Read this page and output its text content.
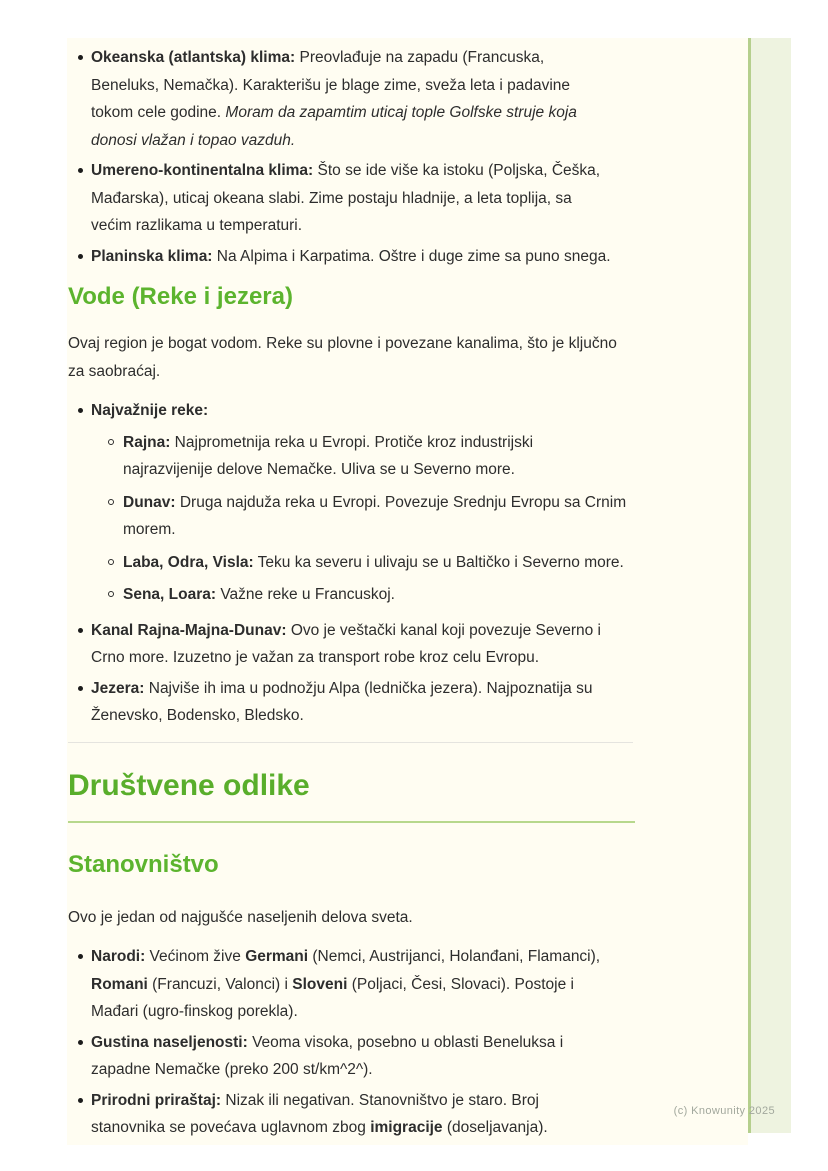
Okeanska (atlantska) klima: Preovlađuje na zapadu (Francuska,
Beneluks, Nemačka). Karakterišu je blage zime, sveža leta i padavine
tokom cele godine. Moram da zapamtim uticaj tople Golfske struje koja
donosi vlažan i topao vazduh.
Umereno-kontinentalna klima: Što se ide više ka istoku (Poljska, Češka,
Mađarska), uticaj okeana slabi. Zime postaju hladnije, a leta toplija, sa
većim razlikama u temperaturi.
Planinska klima: Na Alpima i Karpatima. Oštre i duge zime sa puno snega.
Vode (Reke i jezera)

Ovaj region je bogat vodom. Reke su plovne i povezane kanalima, što je ključno
za saobraćaj.

Najvažnije reke:
Rajna: Najprometnija reka u Evropi. Protiče kroz industrijski
najrazvijenije delove Nemačke. Uliva se u Severno more.
Dunav: Druga najduža reka u Evropi. Povezuje Srednju Evropu sa Crnim
morem.
Laba, Odra, Visla: Teku ka severu i ulivaju se u Baltičko i Severno more.
Sena, Loara: Važne reke u Francuskoj.
Kanal Rajna-Majna-Dunav: Ovo je veštački kanal koji povezuje Severno i
Crno more. Izuzetno je važan za transport robe kroz celu Evropu.
Jezera: Najviše ih ima u podnožju Alpa (lednička jezera). Najpoznatija su
Ženevsko, Bodensko, Bledsko.
Društvene odlike
Stanovništvo

Ovo je jedan od najgušće naseljenih delova sveta.

Narodi: Većinom žive Germani (Nemci, Austrijanci, Holanđani, Flamanci),
Romani (Francuzi, Valonci) i Sloveni (Poljaci, Česi, Slovaci). Postoje i
Mađari (ugro-finskog porekla).
Gustina naseljenosti: Veoma visoka, posebno u oblasti Beneluksa i
zapadne Nemačke (preko 200 st/km^2^).
Prirodni priraštaj: Nizak ili negativan. Stanovništvo je staro. Broj
stanovnika se povećava uglavnom zbog imigracije (doseljavanja).
(c) Knowunity 2025
